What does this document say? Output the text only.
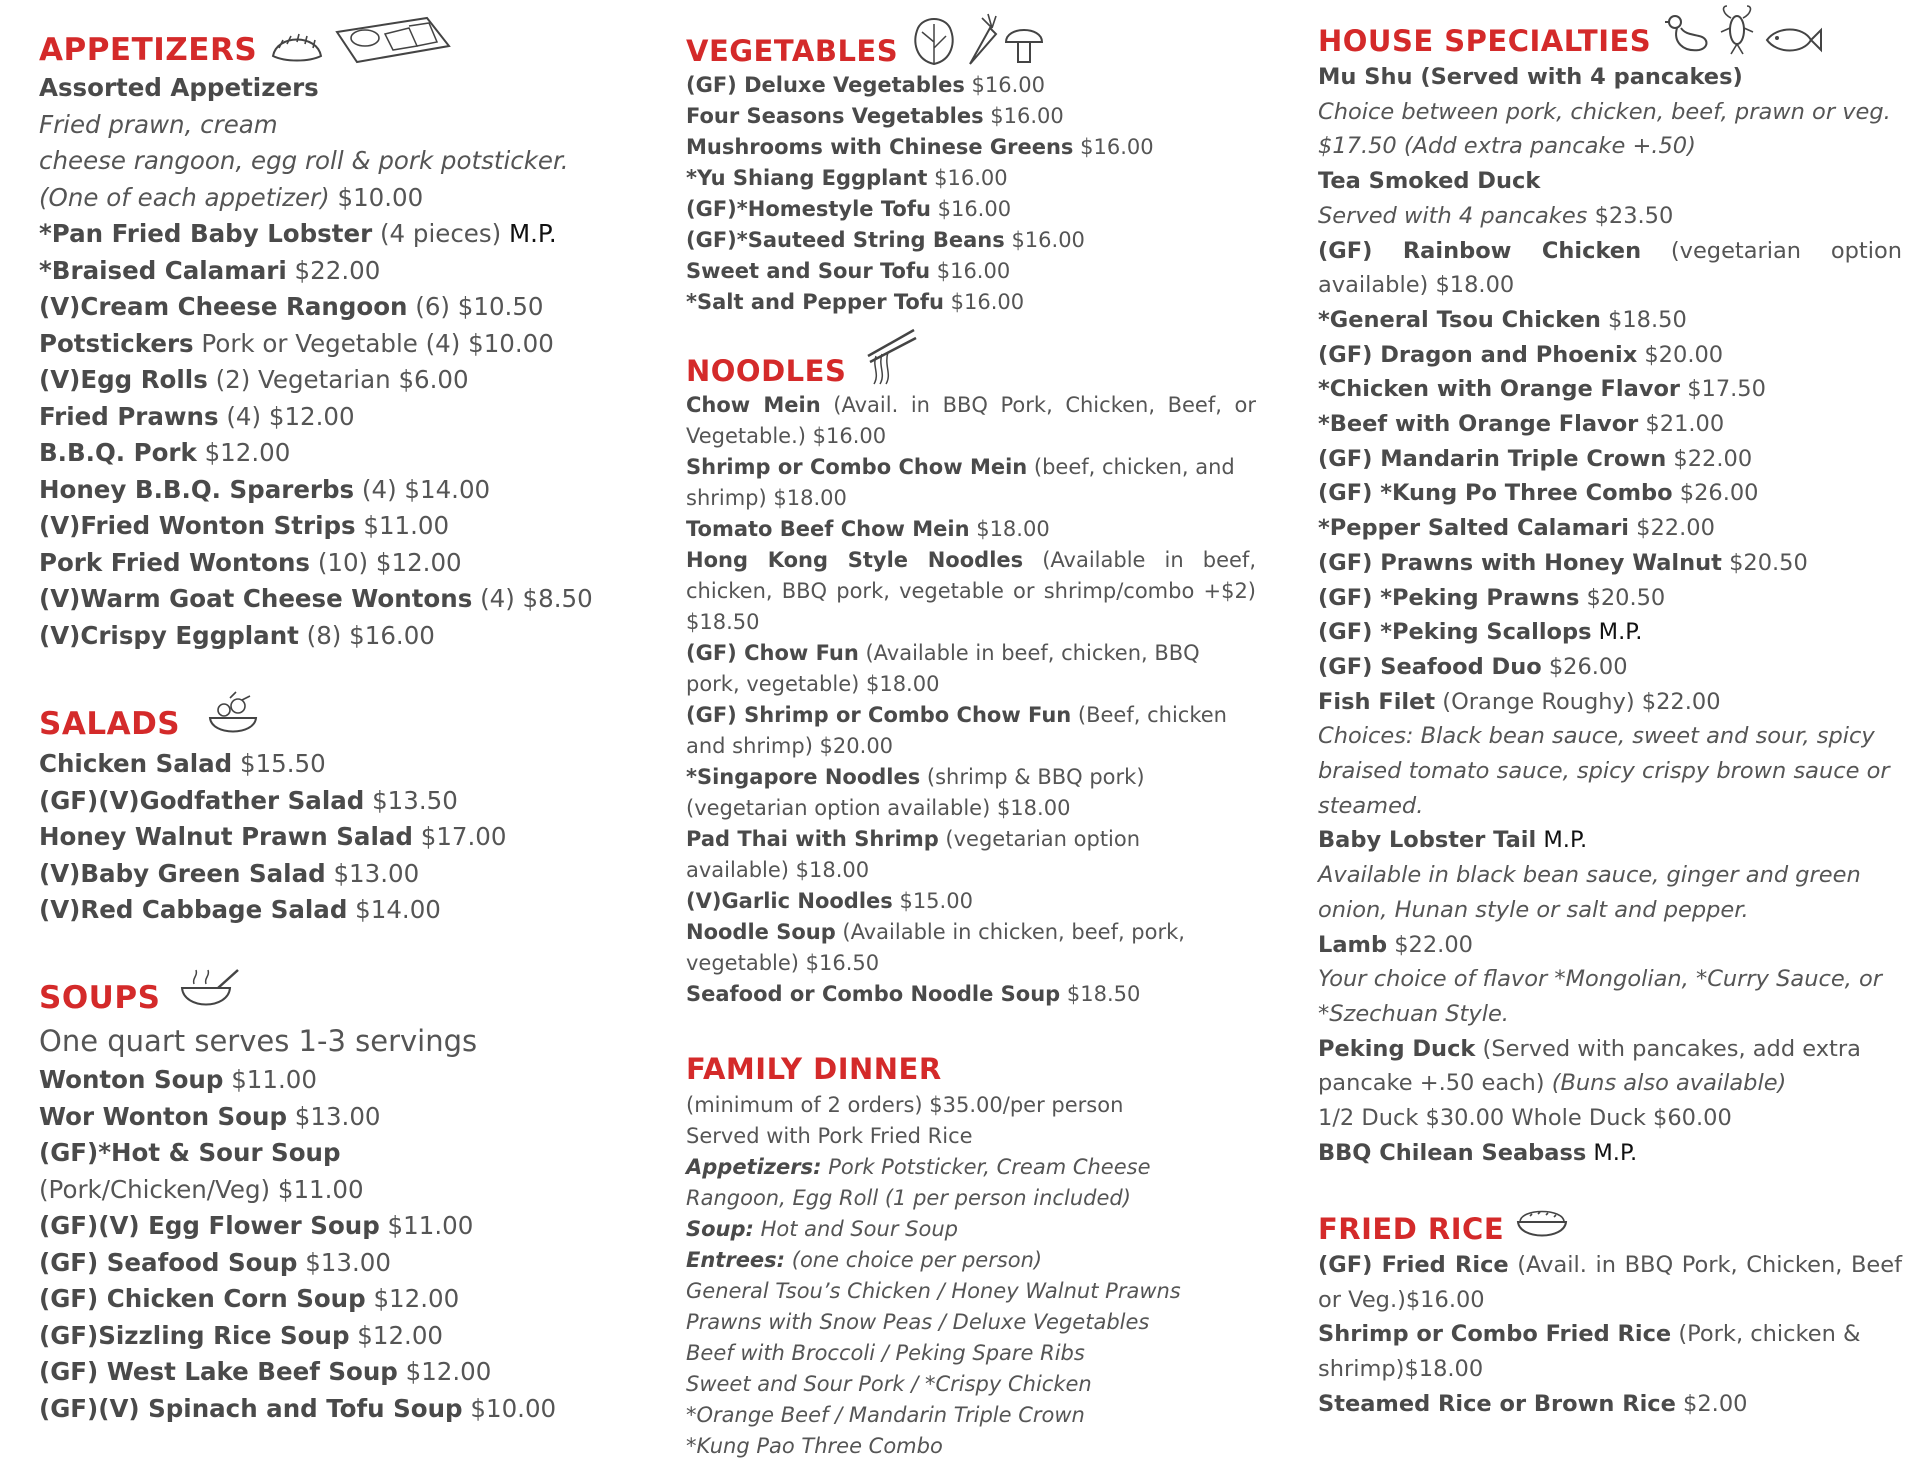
APPETIZERS
Assorted Appetizers
Fried prawn, cream
cheese rangoon, egg roll & pork potsticker.
(One of each appetizer) $10.00
*Pan Fried Baby Lobster (4 pieces) M.P.
*Braised Calamari $22.00
(V)Cream Cheese Rangoon (6) $10.50
Potstickers Pork or Vegetable (4) $10.00
(V)Egg Rolls (2) Vegetarian $6.00
Fried Prawns (4) $12.00
B.B.Q. Pork $12.00
Honey B.B.Q. Sparerbs (4) $14.00
(V)Fried Wonton Strips $11.00
Pork Fried Wontons (10) $12.00
(V)Warm Goat Cheese Wontons (4) $8.50
(V)Crispy Eggplant (8) $16.00
SALADS
Chicken Salad $15.50
(GF)(V)Godfather Salad $13.50
Honey Walnut Prawn Salad $17.00
(V)Baby Green Salad $13.00
(V)Red Cabbage Salad $14.00
SOUPS
One quart serves 1-3 servings
Wonton Soup $11.00
Wor Wonton Soup $13.00
(GF)*Hot & Sour Soup
(Pork/Chicken/Veg) $11.00
(GF)(V) Egg Flower Soup $11.00
(GF) Seafood Soup $13.00
(GF) Chicken Corn Soup $12.00
(GF)Sizzling Rice Soup $12.00
(GF) West Lake Beef Soup $12.00
(GF)(V) Spinach and Tofu Soup $10.00
VEGETABLES
(GF) Deluxe Vegetables $16.00
Four Seasons Vegetables $16.00
Mushrooms with Chinese Greens $16.00
*Yu Shiang Eggplant $16.00
(GF)*Homestyle Tofu $16.00
(GF)*Sauteed String Beans $16.00
Sweet and Sour Tofu $16.00
*Salt and Pepper Tofu $16.00
NOODLES
Chow Mein (Avail. in BBQ Pork, Chicken, Beef, or Vegetable.) $16.00
Shrimp or Combo Chow Mein (beef, chicken, and shrimp) $18.00
Tomato Beef Chow Mein $18.00
Hong Kong Style Noodles (Available in beef, chicken, BBQ pork, vegetable or shrimp/combo +$2) $18.50
(GF) Chow Fun (Available in beef, chicken, BBQ pork, vegetable) $18.00
(GF) Shrimp or Combo Chow Fun (Beef, chicken and shrimp) $20.00
*Singapore Noodles (shrimp & BBQ pork) (vegetarian option available) $18.00
Pad Thai with Shrimp (vegetarian option available) $18.00
(V)Garlic Noodles $15.00
Noodle Soup (Available in chicken, beef, pork, vegetable) $16.50
Seafood or Combo Noodle Soup $18.50
FAMILY DINNER
(minimum of 2 orders) $35.00/per person
Served with Pork Fried Rice
Appetizers: Pork Potsticker, Cream Cheese Rangoon, Egg Roll (1 per person included)
Soup: Hot and Sour Soup
Entrees: (one choice per person)
General Tsou’s Chicken / Honey Walnut Prawns
Prawns with Snow Peas / Deluxe Vegetables
Beef with Broccoli / Peking Spare Ribs
Sweet and Sour Pork / *Crispy Chicken
*Orange Beef / Mandarin Triple Crown
*Kung Pao Three Combo
HOUSE SPECIALTIES
Mu Shu (Served with 4 pancakes)
Choice between pork, chicken, beef, prawn or veg. $17.50 (Add extra pancake +.50)
Tea Smoked Duck
Served with 4 pancakes $23.50
(GF) Rainbow Chicken (vegetarian option available) $18.00
*General Tsou Chicken $18.50
(GF) Dragon and Phoenix $20.00
*Chicken with Orange Flavor $17.50
*Beef with Orange Flavor $21.00
(GF) Mandarin Triple Crown $22.00
(GF) *Kung Po Three Combo $26.00
*Pepper Salted Calamari $22.00
(GF) Prawns with Honey Walnut $20.50
(GF) *Peking Prawns $20.50
(GF) *Peking Scallops M.P.
(GF) Seafood Duo $26.00
Fish Filet (Orange Roughy) $22.00
Choices: Black bean sauce, sweet and sour, spicy braised tomato sauce, spicy crispy brown sauce or steamed.
Baby Lobster Tail M.P.
Available in black bean sauce, ginger and green onion, Hunan style or salt and pepper.
Lamb $22.00
Your choice of flavor *Mongolian, *Curry Sauce, or *Szechuan Style.
Peking Duck (Served with pancakes, add extra pancake +.50 each) (Buns also available)
1/2 Duck $30.00 Whole Duck $60.00
BBQ Chilean Seabass M.P.
FRIED RICE
(GF) Fried Rice (Avail. in BBQ Pork, Chicken, Beef or Veg.)$16.00
Shrimp or Combo Fried Rice (Pork, chicken & shrimp)$18.00
Steamed Rice or Brown Rice $2.00
